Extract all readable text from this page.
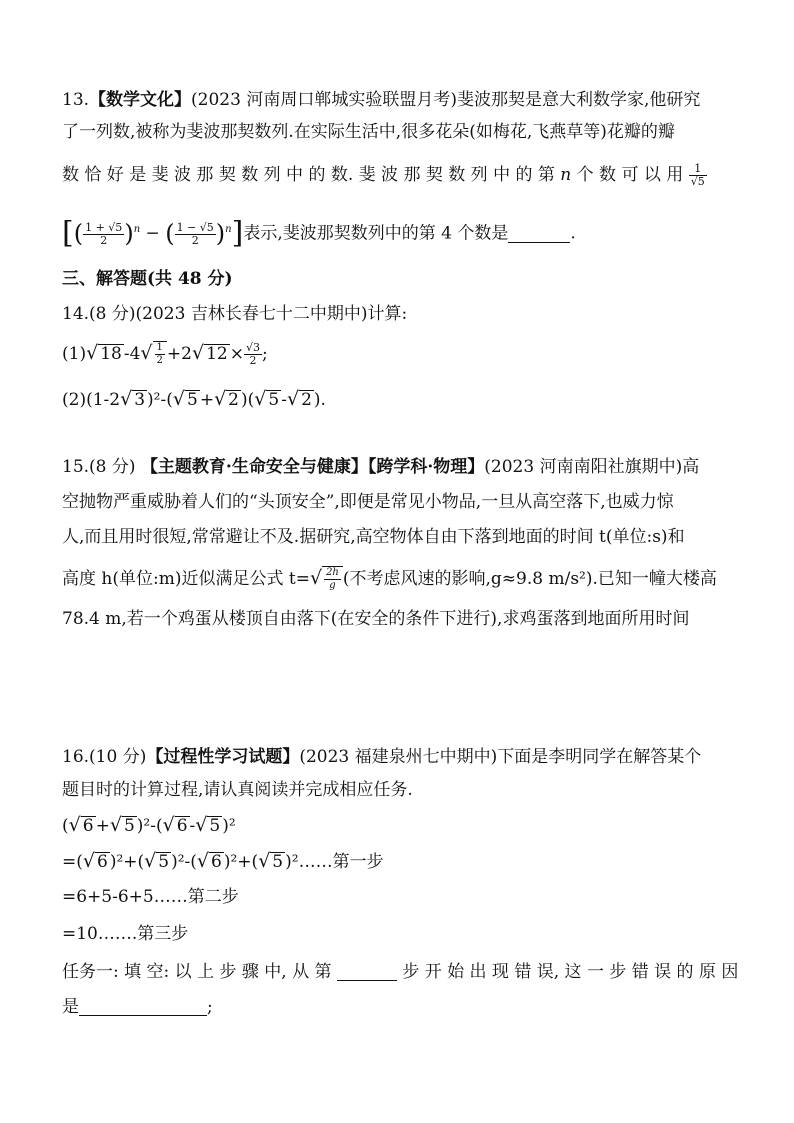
13.【数学文化】(2023 河南周口郸城实验联盟月考)斐波那契是意大利数学家,他研究
了一列数,被称为斐波那契数列.在实际生活中,很多花朵(如梅花,飞燕草等)花瓣的瓣
数 恰 好 是 斐 波 那 契 数 列 中 的 数. 斐 波 那 契 数 列 中 的 第 n 个 数 可 以 用 $\frac{1}{√5}$
[( $\frac{1 + √5}{2} )^n$ − ( $\frac{1 - √5}{2} )^n$]表示,斐波那契数列中的第 4 个数是	.
三、解答题(共 48 分)
14.(8 分)(2023 吉林长春七十二中期中)计算:
(1)√ 18 $-4√ \frac{1}{2} +2√$ $12 \times \frac{√3}{2}$ ;
(2)(1-2√ 3 )²-(√ 5 +√ 2 )(√ 5 -√ 2 ).
15.(8 分) 【主题教育·生命安全与健康】【跨学科·物理】(2023 河南南阳社旗期中)高
空抛物严重威胁着人们的“头顶安全”,即便是常见小物品,一旦从高空落下,也威力惊
人,而且用时很短,常常避让不及.据研究,高空物体自由下落到地面的时间 t(单位:s)和
高度 h(单位:m)近似满足公式 $t=√ \frac{2h}{g}$ (不考虑风速的影响,g≈9.8 m/s²).已知一幢大楼高
78.4 m,若一个鸡蛋从楼顶自由落下(在安全的条件下进行),求鸡蛋落到地面所用时间
16.(10 分)【过程性学习试题】(2023 福建泉州七中期中)下面是李明同学在解答某个
题目时的计算过程,请认真阅读并完成相应任务.
(√ 6 +√ 5 )²-(√ 6 -√ 5 )²
=(√ 6 )²+(√ 5 )²-(√ 6 )²+(√ 5 )²……第一步
=6+5-6+5……第二步
=10…….第三步
任务一: 填 空: 以 上 步 骤 中, 从 第	步 开 始 出 现 错 误, 这 一 步 错 误 的 原 因
是	;
